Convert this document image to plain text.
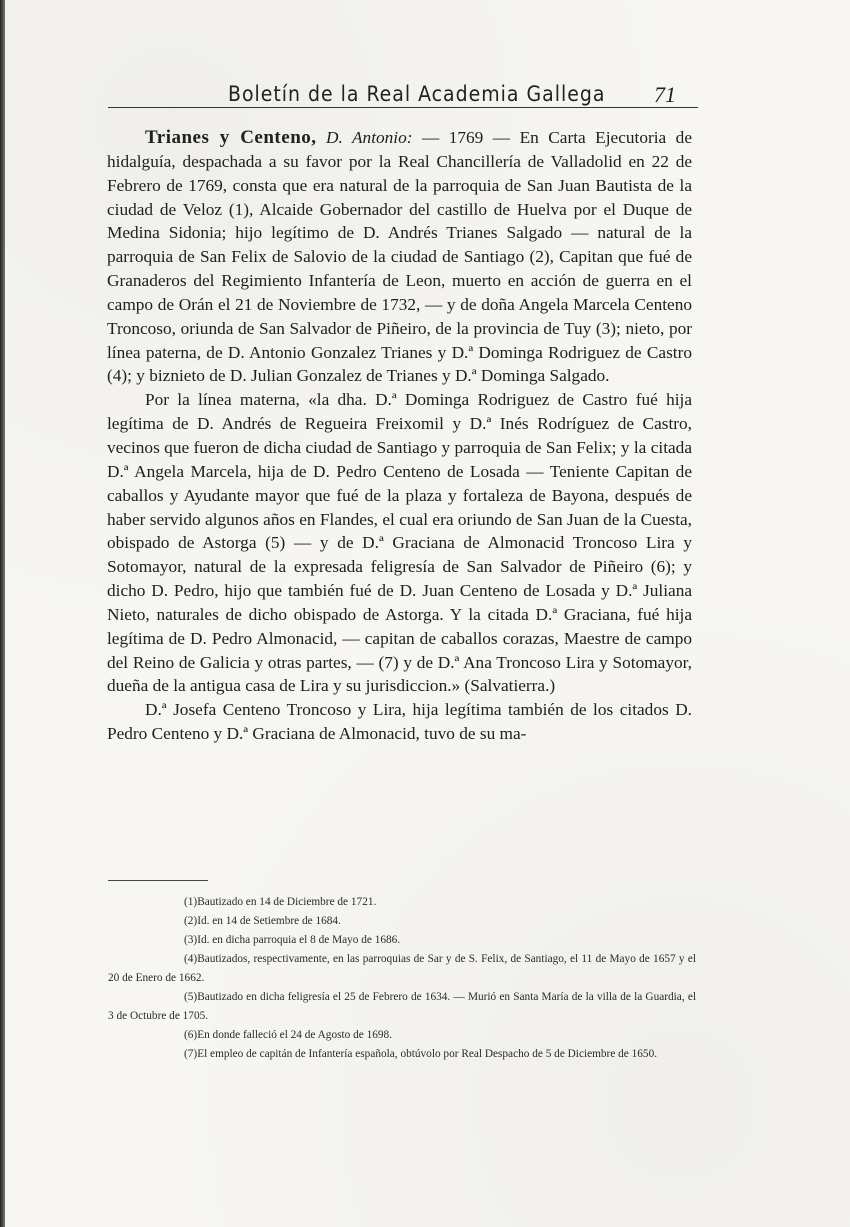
Boletín de la Real Academia Gallega 71

Trianes y Centeno, D. Antonio: — 1769 — En Carta Ejecutoria de hidalguía, despachada a su favor por la Real Chancillería de Valladolid en 22 de Febrero de 1769, consta que era natural de la parroquia de San Juan Bautista de la ciudad de Veloz (1), Alcaide Gobernador del castillo de Huelva por el Duque de Medina Sidonia; hijo legítimo de D. Andrés Trianes Salgado — natural de la parroquia de San Felix de Salovio de la ciudad de Santiago (2), Capitan que fué de Granaderos del Regimiento Infantería de Leon, muerto en acción de guerra en el campo de Orán el 21 de Noviembre de 1732, — y de doña Angela Marcela Centeno Troncoso, oriunda de San Salvador de Piñeiro, de la provincia de Tuy (3); nieto, por línea paterna, de D. Antonio Gonzalez Trianes y D.ª Dominga Rodriguez de Castro (4); y biznieto de D. Julian Gonzalez de Trianes y D.ª Dominga Salgado.

Por la línea materna, «la dha. D.ª Dominga Rodriguez de Castro fué hija legítima de D. Andrés de Regueira Freixomil y D.ª Inés Rodríguez de Castro, vecinos que fueron de dicha ciudad de Santiago y parroquia de San Felix; y la citada D.ª Angela Marcela, hija de D. Pedro Centeno de Losada — Teniente Capitan de caballos y Ayudante mayor que fué de la plaza y fortaleza de Bayona, después de haber servido algunos años en Flandes, el cual era oriundo de San Juan de la Cuesta, obispado de Astorga (5) — y de D.ª Graciana de Almonacid Troncoso Lira y Sotomayor, natural de la expresada feligresía de San Salvador de Piñeiro (6); y dicho D. Pedro, hijo que también fué de D. Juan Centeno de Losada y D.ª Juliana Nieto, naturales de dicho obispado de Astorga. Y la citada D.ª Graciana, fué hija legítima de D. Pedro Almonacid, — capitan de caballos corazas, Maestre de campo del Reino de Galicia y otras partes, — (7) y de D.ª Ana Troncoso Lira y Sotomayor, dueña de la antigua casa de Lira y su jurisdiccion.» (Salvatierra.)

D.ª Josefa Centeno Troncoso y Lira, hija legítima también de los citados D. Pedro Centeno y D.ª Graciana de Almonacid, tuvo de su ma-

(1)Bautizado en 14 de Diciembre de 1721.

(2)Id. en 14 de Setiembre de 1684.

(3)Id. en dicha parroquia el 8 de Mayo de 1686.

(4)Bautizados, respectivamente, en las parroquias de Sar y de S. Felix, de Santiago, el 11 de Mayo de 1657 y el 20 de Enero de 1662.

(5)Bautizado en dicha feligresía el 25 de Febrero de 1634. — Murió en Santa María de la villa de la Guardia, el 3 de Octubre de 1705.

(6)En donde falleció el 24 de Agosto de 1698.

(7)El empleo de capitán de Infantería española, obtúvolo por Real Despacho de 5 de Diciembre de 1650.
